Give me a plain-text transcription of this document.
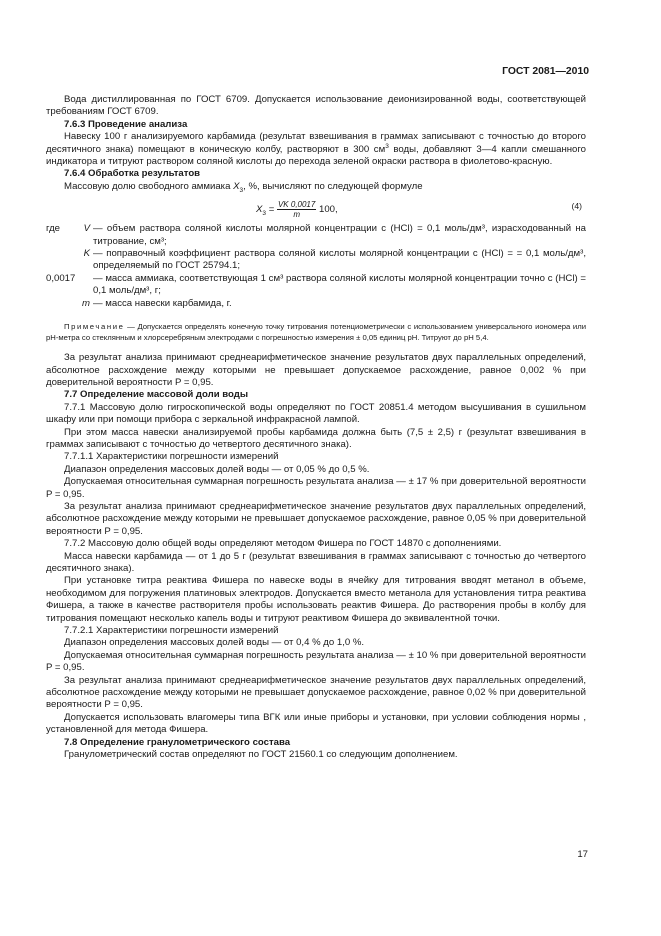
ГОСТ 2081—2010

Вода дистиллированная по ГОСТ 6709. Допускается использование деионизированной воды, соответствующей требованиям ГОСТ 6709.

7.6.3 Проведение анализа

Навеску 100 г анализируемого карбамида (результат взвешивания в граммах записывают с точностью до второго десятичного знака) помещают в коническую колбу, растворяют в 300 $см^3$ воды, добавляют 3—4 капли смешанного индикатора и титруют раствором соляной кислоты до перехода зеленой окраски раствора в фиолетово-красную.

7.6.4 Обработка результатов

Массовую долю свободного аммиака $X_3$, %, вычисляют по следующей формуле

$X_3 = \frac{VK 0,0017}{m} 100$,	(4)
где	V — объем раствора соляной кислоты молярной концентрации с (HCl) = 0,1 моль/дм³, израсходованный на титрование, см³;
K — поправочный коэффициент раствора соляной кислоты молярной концентрации с (HCl) = = 0,1 моль/дм³, определяемый по ГОСТ 25794.1;
0,0017	— масса аммиака, соответствующая 1 см³ раствора соляной кислоты молярной концентрации точно с (HCl) = 0,1 моль/дм³, г;
m — масса навески карбамида, г.

Примечание — Допускается определять конечную точку титрования потенциометрически с использованием универсального иономера или рН-метра со стеклянным и хлорсеребряным электродами с погрешностью измерения ± 0,05 единиц рН. Титруют до рН 5,4.

За результат анализа принимают среднеарифметическое значение результатов двух параллельных определений, абсолютное расхождение между которыми не превышает допускаемое расхождение, равное 0,002 % при доверительной вероятности P = 0,95.

7.7 Определение массовой доли воды

7.7.1 Массовую долю гигроскопической воды определяют по ГОСТ 20851.4 методом высушивания в сушильном шкафу или при помощи прибора с зеркальной инфракрасной лампой.

При этом масса навески анализируемой пробы карбамида должна быть (7,5 ± 2,5) г (результат взвешивания в граммах записывают с точностью до четвертого десятичного знака).

7.7.1.1 Характеристики погрешности измерений

Диапазон определения массовых долей воды — от 0,05 % до 0,5 %.

Допускаемая относительная суммарная погрешность результата анализа — ± 17 % при доверительной вероятности P = 0,95.

За результат анализа принимают среднеарифметическое значение результатов двух параллельных определений, абсолютное расхождение между которыми не превышает допускаемое расхождение, равное 0,05 % при доверительной вероятности P = 0,95.

7.7.2 Массовую долю общей воды определяют методом Фишера по ГОСТ 14870 с дополнениями.

Масса навески карбамида — от 1 до 5 г (результат взвешивания в граммах записывают с точностью до четвертого десятичного знака).

При установке титра реактива Фишера по навеске воды в ячейку для титрования вводят метанол в объеме, необходимом для погружения платиновых электродов. Допускается вместо метанола для установления титра реактива Фишера, а также в качестве растворителя пробы использовать реактив Фишера. До растворения пробы в колбу для титрования помещают несколько капель воды и титруют реактивом Фишера до эквивалентной точки.

7.7.2.1 Характеристики погрешности измерений

Диапазон определения массовых долей воды — от 0,4 % до 1,0 %.

Допускаемая относительная суммарная погрешность результата анализа — ± 10 % при доверительной вероятности P = 0,95.

За результат анализа принимают среднеарифметическое значение результатов двух параллельных определений, абсолютное расхождение между которыми не превышает допускаемое расхождение, равное 0,02 % при доверительной вероятности P = 0,95.

Допускается использовать влагомеры типа ВГК или иные приборы и установки, при условии соблюдения нормы , установленной для метода Фишера.

7.8 Определение гранулометрического состава

Гранулометрический состав определяют по ГОСТ 21560.1 со следующим дополнением.

17
